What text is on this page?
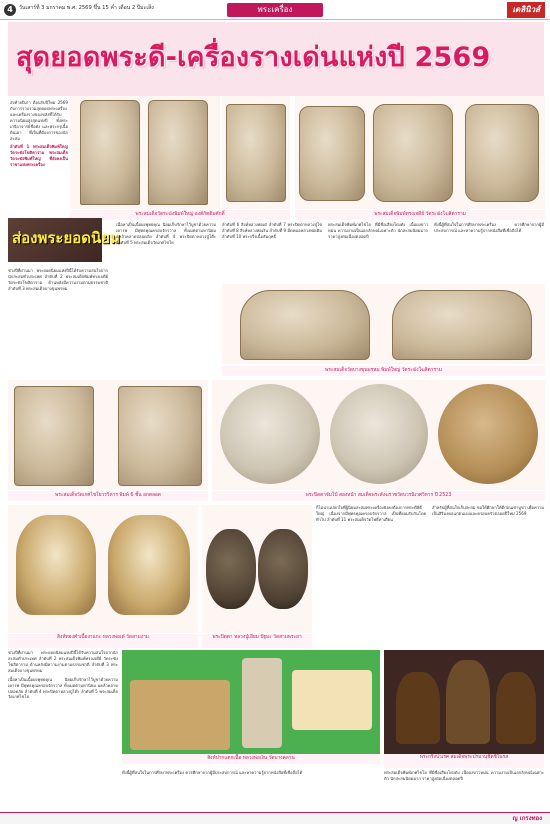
4	วันเสาร์ที่ 3 มกราคม พ.ศ. 2569 ขึ้น 15 ค่ำ เดือน 2 ปีมะเส็ง	พระเครื่อง	เดลินิวส์
สุดยอดพระดี-เครื่องรางเด่นแห่งปี 2569

ส่งท้ายปีเก่า ต้อนรับปีใหม่ 2569 กับการรวบรวมสุดยอดพระเครื่องและเครื่องรางของขลังที่ได้รับความนิยมสูงสุดแห่งปี ทั้งพระเกจิอาจารย์ชื่อดัง และพระกรุเนื้อดินเผา ที่เป็นที่ต้องการของนักสะสม

ลำดับที่ 1 พระสมเด็จพิมพ์ใหญ่ วัดระฆังโฆสิตาราม พระสมเด็จวัดระฆังพิมพ์ใหญ่ ที่ยังคงเป็นราชาแห่งพระเครื่อง

พระสมเด็จวัดระฆังพิมพ์ใหญ่ องค์กิตติมศักดิ์	พระสมเด็จพิมพ์ทรงเจดีย์ วัดระฆังโฆสิตาราม
ส่องพระยอดนิยม

ช่วงปีที่ผ่านมา พระยอดนิยมแห่งปีนี้ได้รับความสนใจจากนักสะสมทั่วประเทศ ลำดับที่ 2 พระสมเด็จพิมพ์ทรงเจดีย์ วัดระฆังโฆสิตาราม ด้านหลังมีความงามตามธรรมชาติ ลำดับที่ 3 พระสมเด็จบางขุนพรหม

เนื้อหาเป็นเนื้อผงพุทธคุณ นิยมเก็บรักษาไว้บูชาด้วยความเคารพ มีพุทธคุณครอบจักรวาล ทั้งเมตตามหานิยม แคล้วคลาดปลอดภัย ลำดับที่ 4 พระปิดตาหลวงปู่โต๊ะ ลำดับที่ 5 พระสมเด็จวัดเกศไชโย

ลำดับที่ 6 สิงห์หลวงพ่อเต๋ ลำดับที่ 7 พระปิดตาหลวงปู่ไข่ ลำดับที่ 8 สิงห์หลวงพ่อเงิน ลำดับที่ 9 มีดหมอหลวงพ่อเดิม ลำดับที่ 10 พระกริ่งเนื้อสัมฤทธิ์

พระสมเด็จพิมพ์เกศไชโย ที่มีชื่อเสียงโด่งดัง เนื้อผงขาวหม่น ความงามเป็นเอกลักษณ์เฉพาะตัว นักสะสมนิยมมาก ราคาสูงต่อเนื่องตลอดปี

ทั้งนี้ผู้ที่สนใจในการศึกษาพระเครื่อง ควรศึกษาจากผู้มีประสบการณ์ และหาความรู้จากหนังสือที่เชื่อถือได้

พระสมเด็จวัดบางขุนพรหม พิมพ์ใหญ่ วัดระฆังโฆสิตาราม
พระสมเด็จวัดเกศไชโยวรวิหาร พิมพ์ 6 ชั้น อกตลอด	พระปิดตาจัมโบ้ สองหน้า สมเด็จพระสังฆราชวัดบวรนิเวศวิหาร ปี 2523
สิงห์ทองคำเนื้องาแกะ หลวงพ่อเต๋ วัดสามง่าม	พระปิดตา หลวงปู่เอี่ยม ปัฐมะ วัดสามพระยา

ก็ไม่น่าแปลกใจที่ผู้นิยมสะสมพระเครื่องยังคงต้องการพระดีพิธีใหญ่ เนื่องจากมีพุทธคุณครอบจักรวาล เป็นที่ยอมรับกันโดยทั่วไป ลำดับที่ 11 พระสมเด็จวัดโพธิ์ท่าเตียน

สำหรับผู้ที่สนใจเก็บสะสม ขอให้ศึกษาให้ดีก่อนเช่าบูชา เพื่อความเป็นสิริมงคลแก่ตนเองและครอบครัวตลอดปีใหม่ 2569

ช่วงปีที่ผ่านมา พระยอดนิยมแห่งปีนี้ได้รับความสนใจจากนักสะสมทั่วประเทศ ลำดับที่ 2 พระสมเด็จพิมพ์ทรงเจดีย์ วัดระฆังโฆสิตาราม ด้านหลังมีความงามตามธรรมชาติ ลำดับที่ 3 พระสมเด็จบางขุนพรหม

เนื้อหาเป็นเนื้อผงพุทธคุณ นิยมเก็บรักษาไว้บูชาด้วยความเคารพ มีพุทธคุณครอบจักรวาล ทั้งเมตตามหานิยม แคล้วคลาดปลอดภัย ลำดับที่ 4 พระปิดตาหลวงปู่โต๊ะ ลำดับที่ 5 พระสมเด็จวัดเกศไชโย

สิงห์ปากแตกเนื้อ หลวงพ่อเงิน วัดบางคลาน	พระกริ่งปวเรศ สมเด็จพระปรมานุชิตชิโนรส

ทั้งนี้ผู้ที่สนใจในการศึกษาพระเครื่อง ควรศึกษาจากผู้มีประสบการณ์ และหาความรู้จากหนังสือที่เชื่อถือได้	พระสมเด็จพิมพ์เกศไชโย ที่มีชื่อเสียงโด่งดัง เนื้อผงขาวหม่น ความงามเป็นเอกลักษณ์เฉพาะตัว นักสะสมนิยมมาก ราคาสูงต่อเนื่องตลอดปี

ญ เกรงทอง
